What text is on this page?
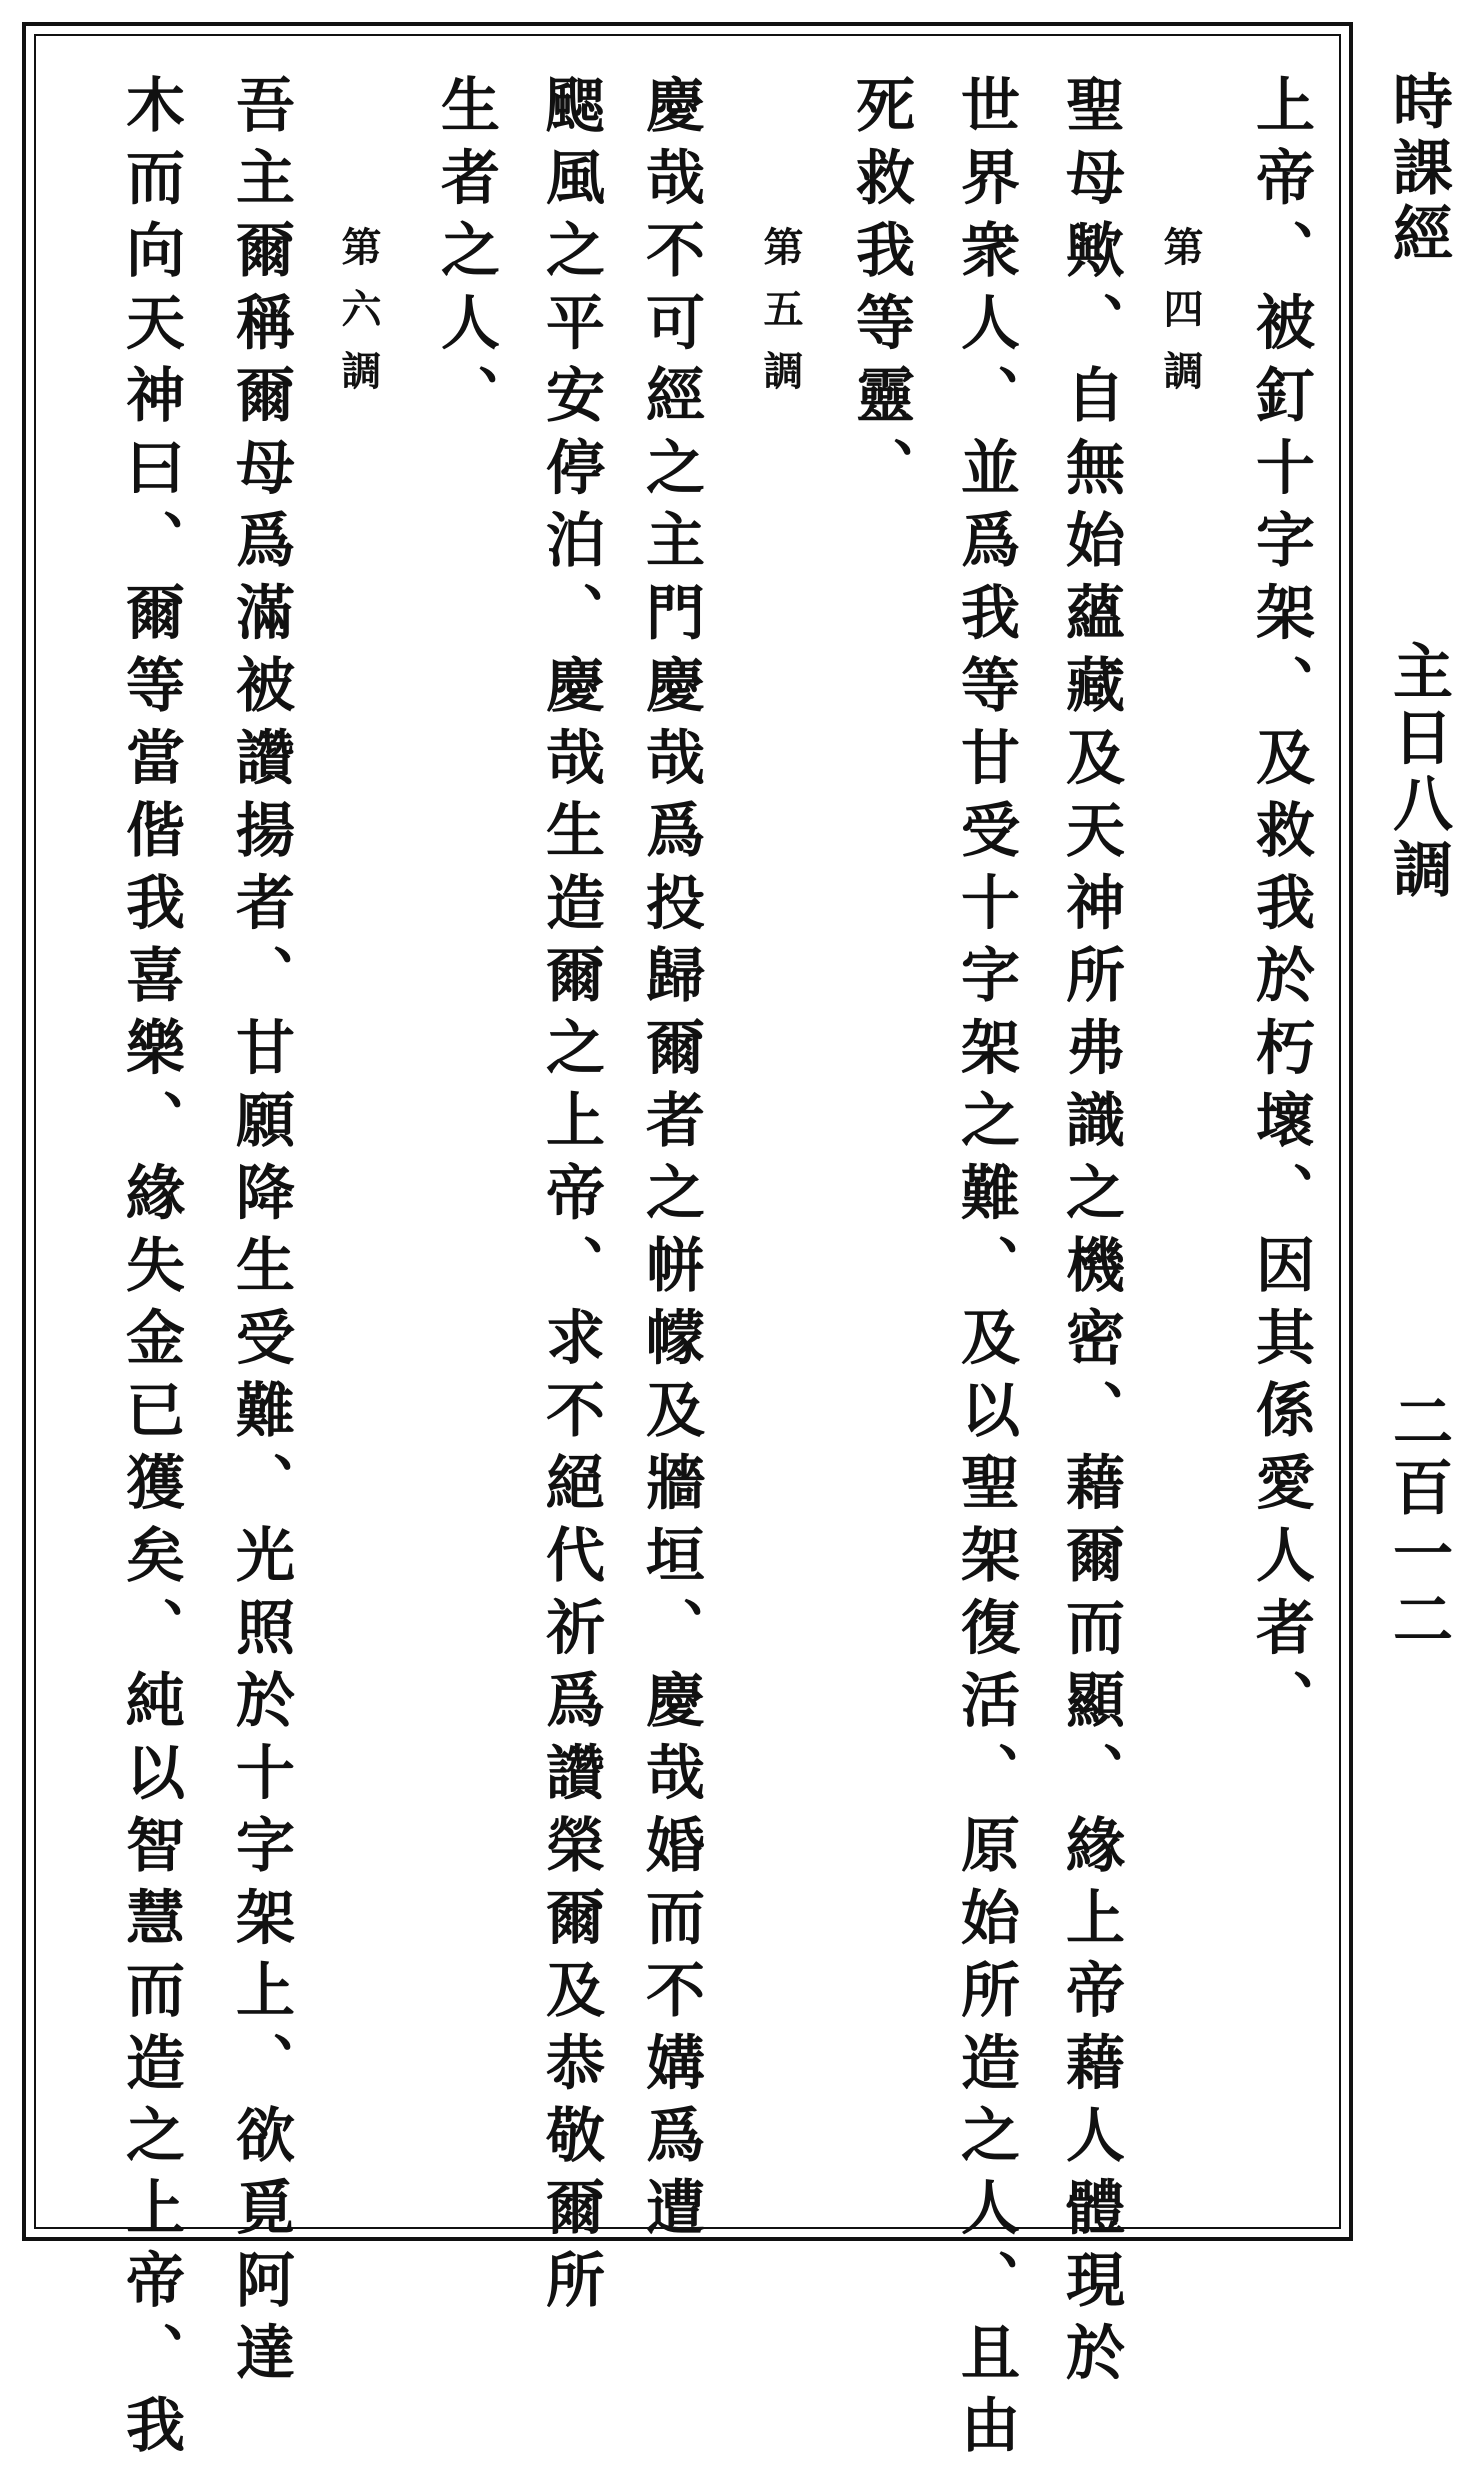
時課經
主日八調
二百一二
上帝、被釘十字架、及救我於朽壞、因其係愛人者、
第四調
聖母歟、自無始蘊藏及天神所弗識之機密、藉爾而顯、緣上帝藉人體現於
世界衆人、並爲我等甘受十字架之難、及以聖架復活、原始所造之人、且由
死救我等靈、
第五調
慶哉不可經之主門慶哉爲投歸爾者之帡幪及牆垣、慶哉婚而不媾爲遭
颸風之平安停泊、慶哉生造爾之上帝、求不絕代祈爲讚榮爾及恭敬爾所
生者之人、
第六調
吾主爾稱爾母爲滿被讚揚者、甘願降生受難、光照於十字架上、欲覓阿達
木而向天神曰、爾等當偕我喜樂、緣失金已獲矣、純以智慧而造之上帝、我
